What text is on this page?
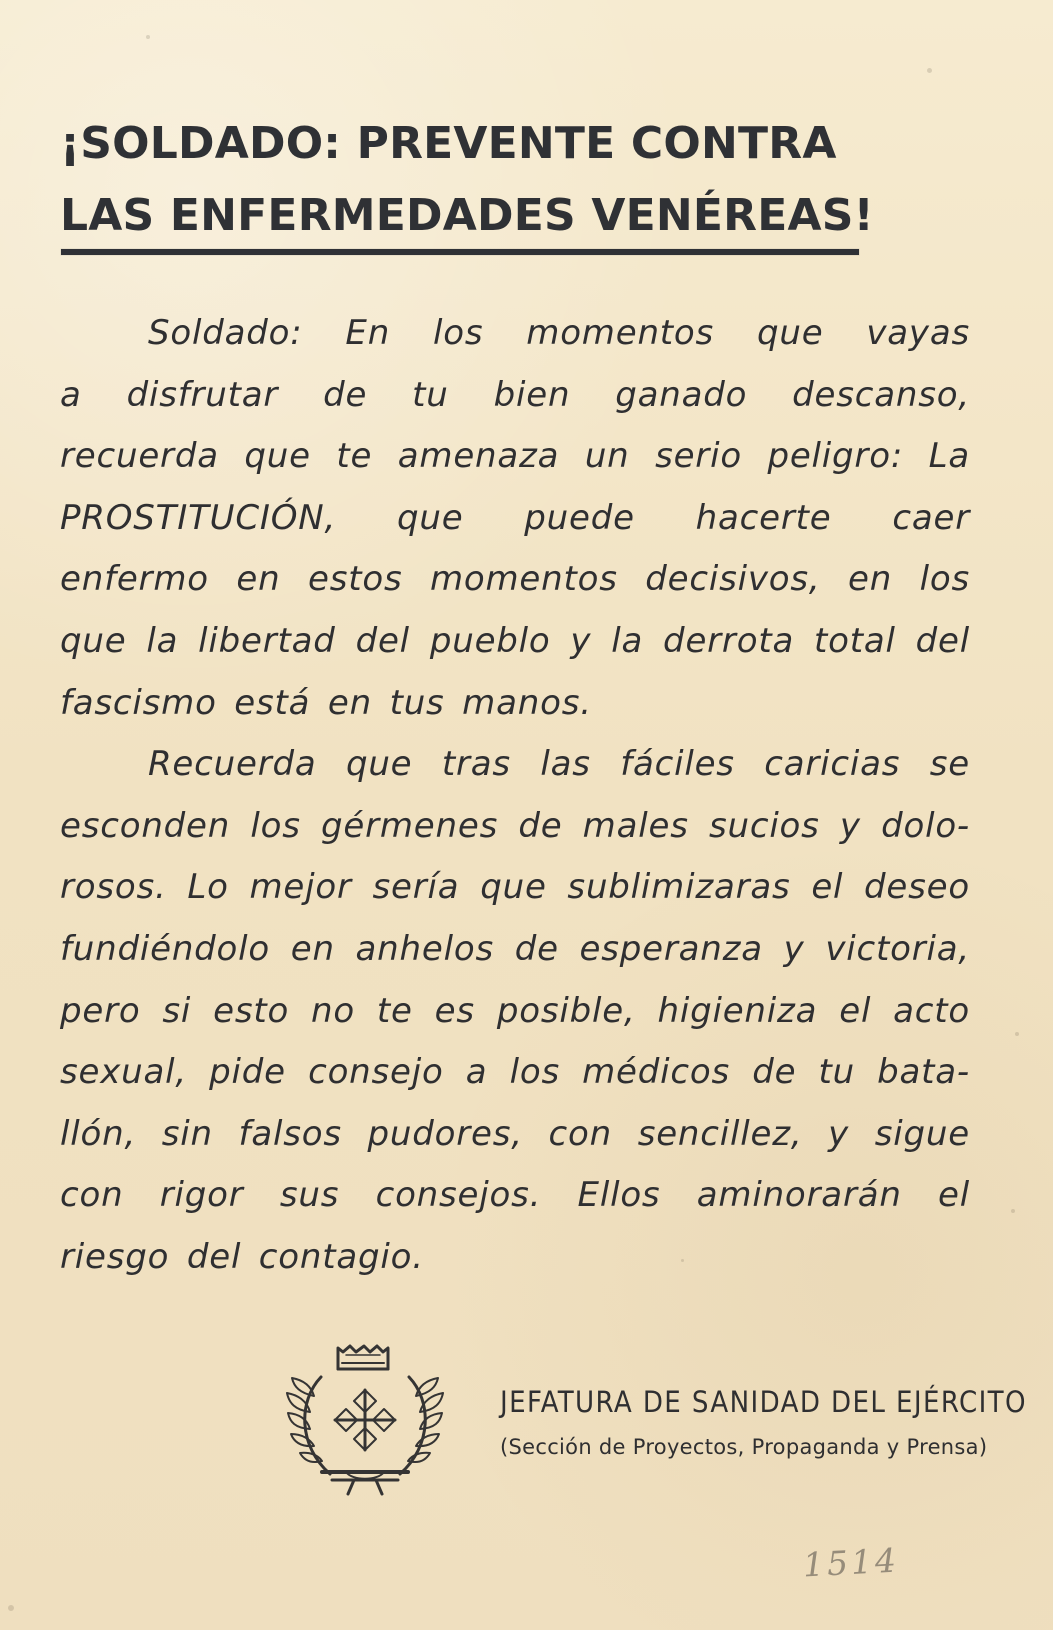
¡SOLDADO: PREVENTE CONTRA
LAS ENFERMEDADES VENÉREAS!
Soldado: En los momentos que vayas
a disfrutar de tu bien ganado descanso,
recuerda que te amenaza un serio peligro: La
PROSTITUCIÓN, que puede hacerte caer
enfermo en estos momentos decisivos, en los
que la libertad del pueblo y la derrota total del
fascismo está en tus manos.
Recuerda que tras las fáciles caricias se
esconden los gérmenes de males sucios y dolo-
rosos. Lo mejor sería que sublimizaras el deseo
fundiéndolo en anhelos de esperanza y victoria,
pero si esto no te es posible, higieniza el acto
sexual, pide consejo a los médicos de tu bata-
llón, sin falsos pudores, con sencillez, y sigue
con rigor sus consejos. Ellos aminorarán el
riesgo del contagio.
JEFATURA DE SANIDAD DEL EJÉRCITO
(Sección de Proyectos, Propaganda y Prensa)
1514
